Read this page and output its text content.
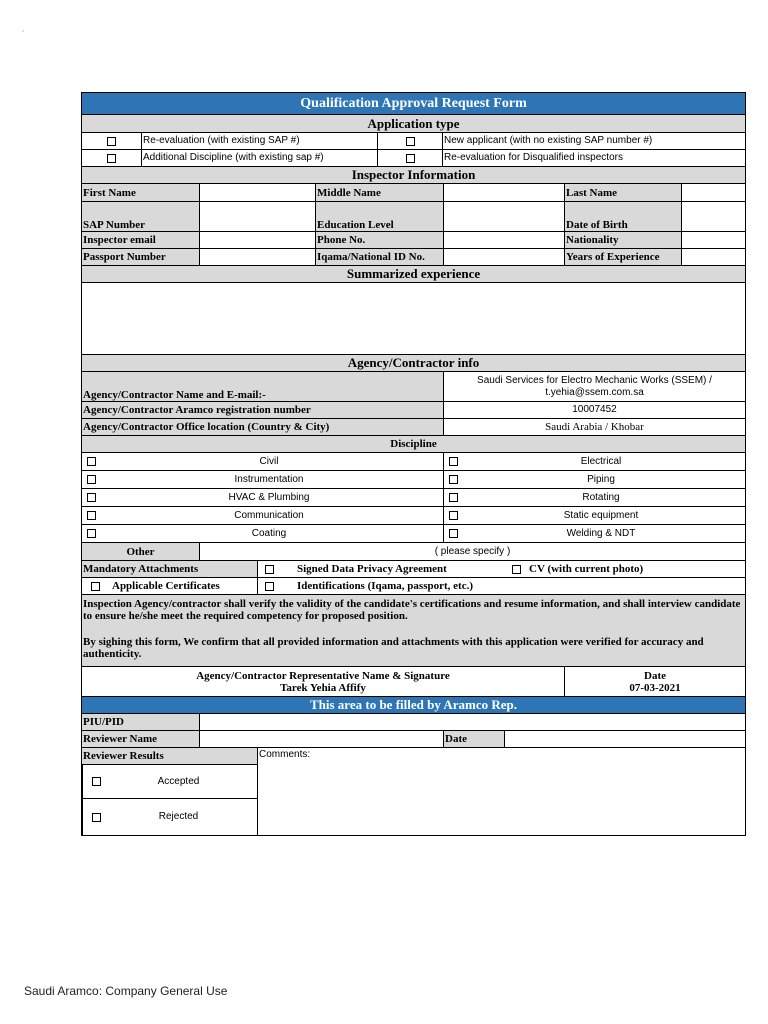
Qualification Approval Request Form
Application type
Re-evaluation (with existing SAP #)	New applicant (with no existing SAP number #)
Additional Discipline (with existing sap #)	Re-evaluation for Disqualified inspectors
Inspector Information
First Name	Middle Name	Last Name
SAP Number	Education Level	Date of Birth
Inspector email	Phone No.	Nationality
Passport Number	Iqama/National ID No.	Years of Experience
Summarized experience
Agency/Contractor info
Agency/Contractor Name and E-mail:-
Saudi Services for Electro Mechanic Works (SSEM) /
t.yehia@ssem.com.sa
Agency/Contractor Aramco registration number	10007452
Agency/Contractor Office location (Country & City)	Saudi Arabia / Khobar
Discipline
Civil	Electrical
Instrumentation	Piping
HVAC & Plumbing	Rotating
Communication	Static equipment
Coating	Welding & NDT
Other	( please specify )
Mandatory Attachments	Signed Data Privacy Agreement	CV (with current photo)
Applicable Certificates	Identifications (Iqama, passport, etc.)
Inspection Agency/contractor shall verify the validity of the candidate's certifications and resume information, and shall interview candidate to ensure he/she meet the required competency for proposed position.
By sighing this form, We confirm that all provided information and attachments with this application were verified for accuracy and authenticity.
Agency/Contractor Representative Name & Signature
Tarek Yehia Affify
Date
07-03-2021
This area to be filled by Aramco Rep.
PIU/PID
Reviewer Name	Date
Reviewer Results
Accepted
Rejected
Comments:
Saudi Aramco: Company General Use
